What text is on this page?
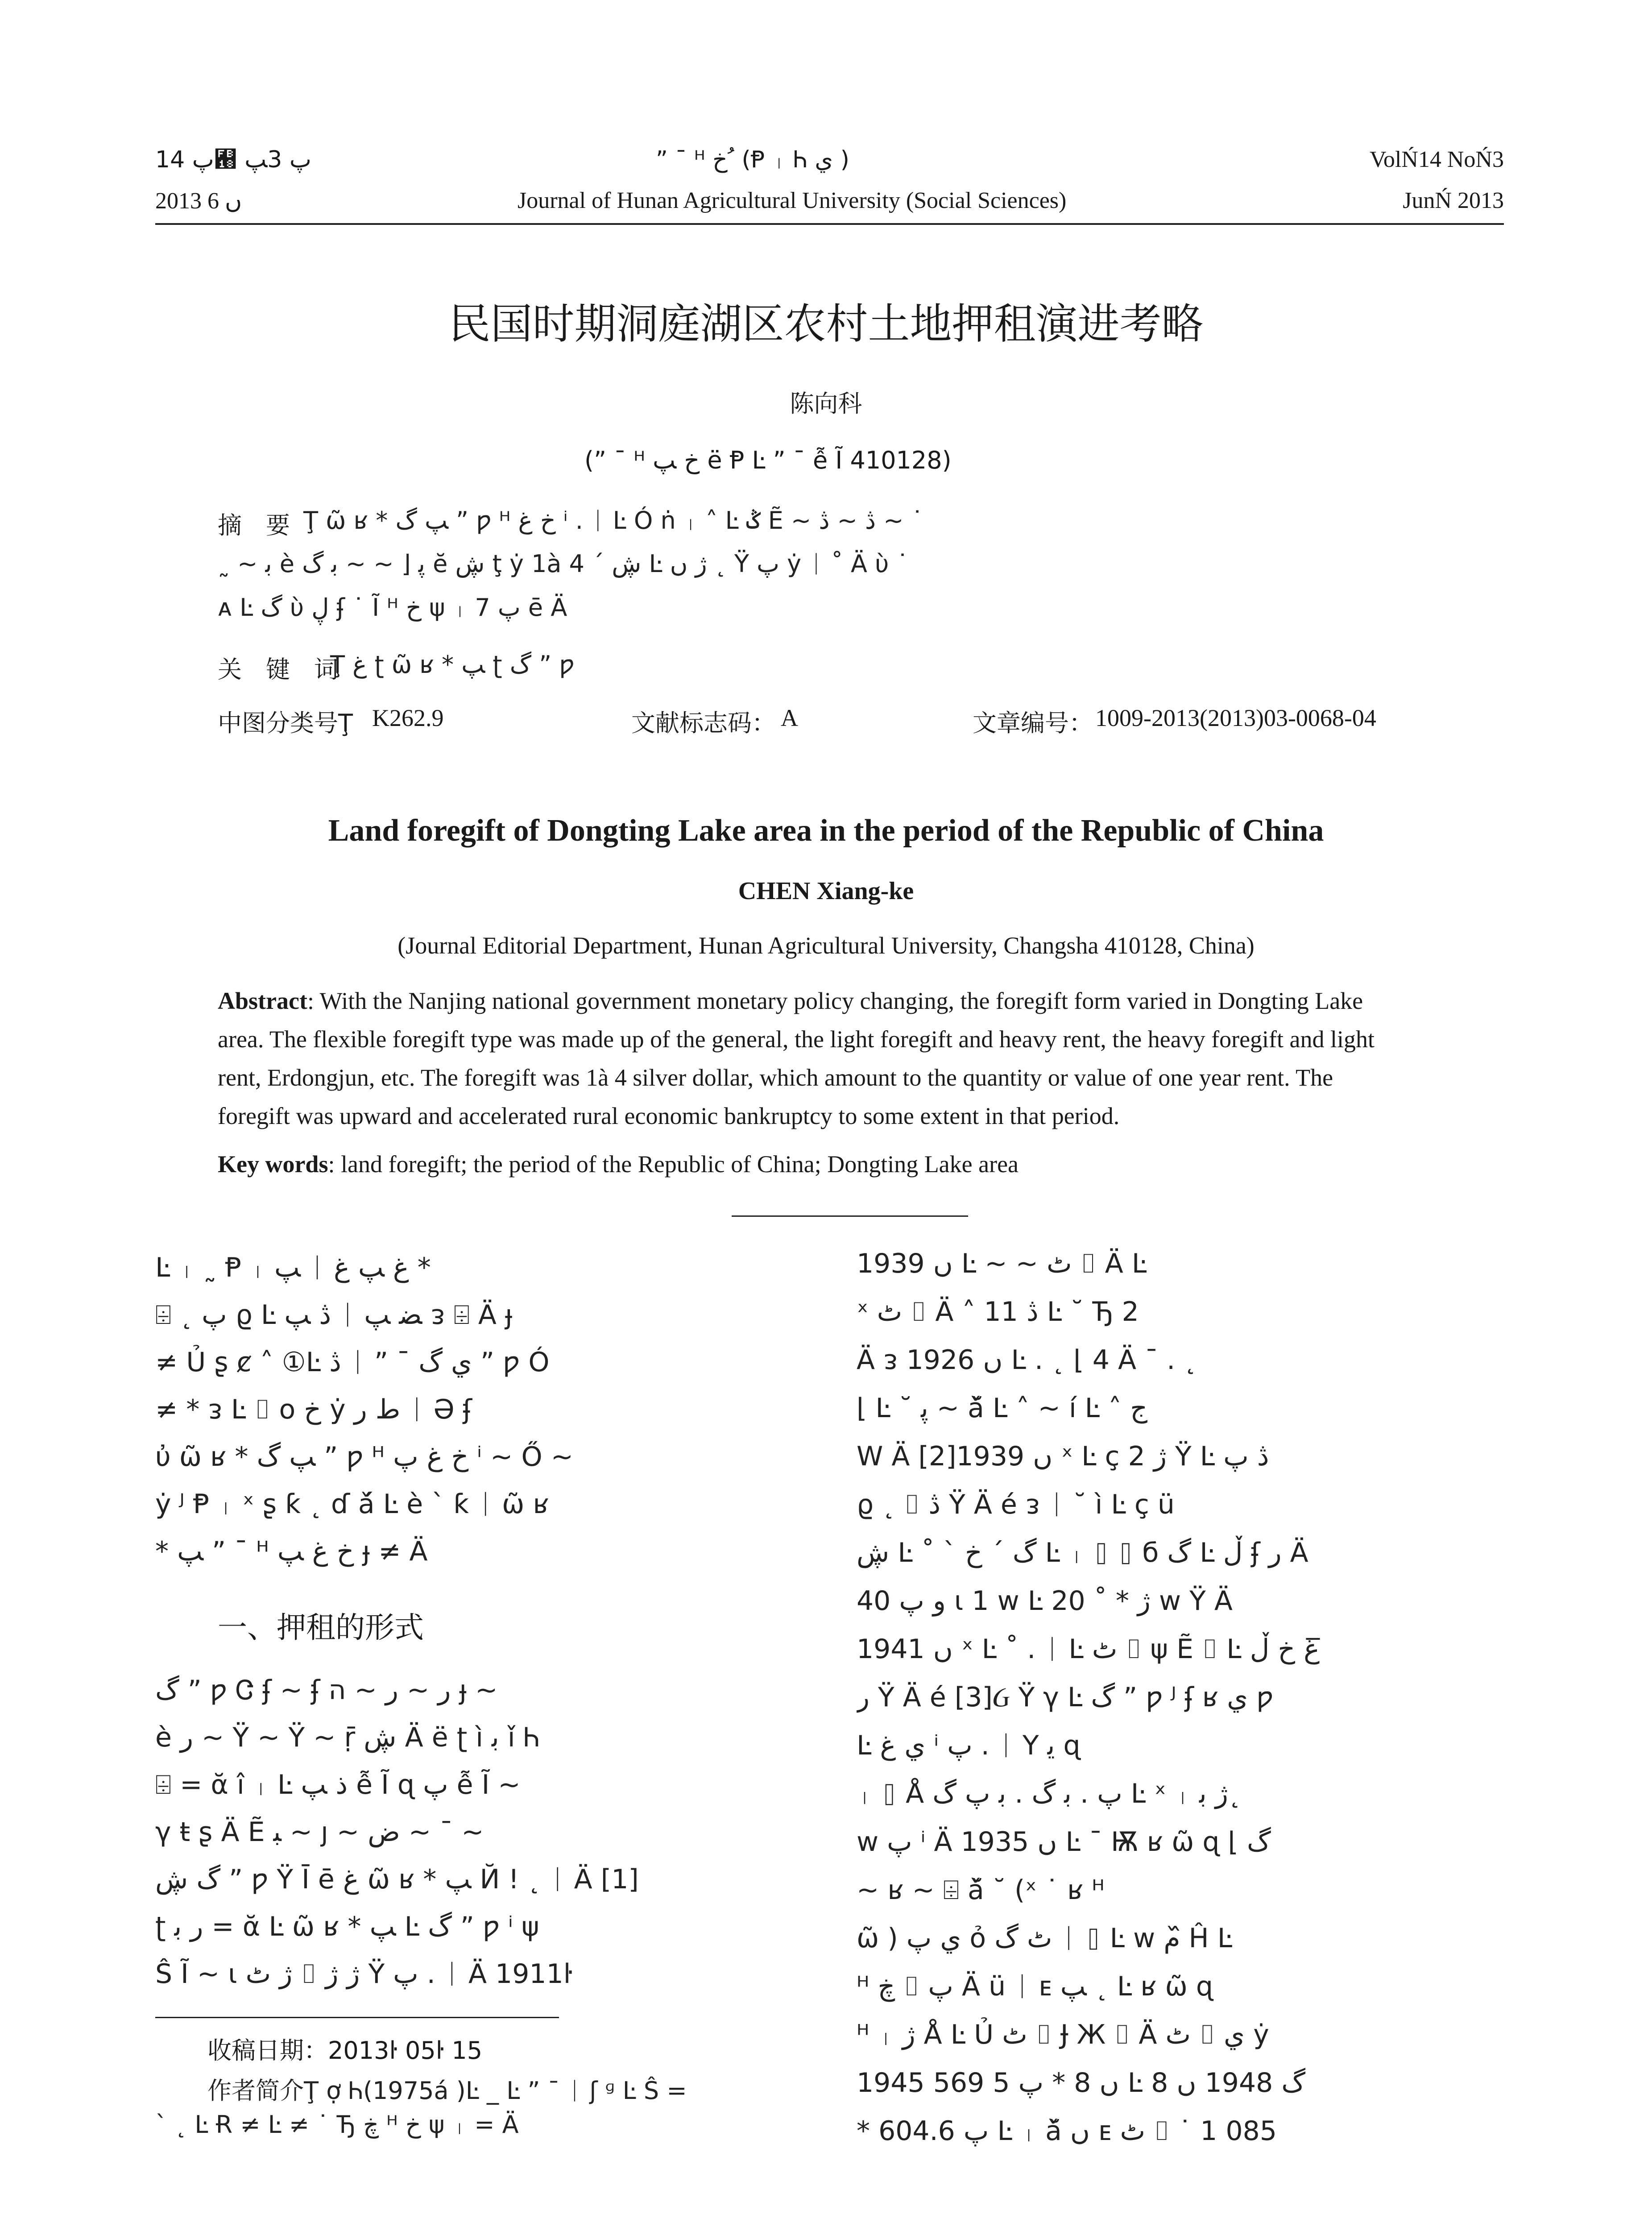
ﭖ 14﬘ ﭖ 3ﭗ	” ¯ ᴴ خ ُ (Ᵽ ᛧ Ꮒ ي )	VolŃ14 NoŃ3
2013 ں 6	Journal of Hunan Agricultural University (Social Sciences)	JunŃ 2013
民国时期洞庭湖区农村土地押租演进考略
陈向科
(” ¯ ᴴ خ ﭗ ë Ᵽ Ŀ ” ¯ ễ Ĩ 410128)
摘　要 Ţ ῶ ʁ * ﭗ گ ” ƿ ᴴ خ غ ⁱ . ᛁ Ŀ Ó ṅ ᛧ ˄ Ŀ ݣ Ẽ ~ ڎ ~ ڎ ~ ˙
˷ ~ ﺑ è ﭘ ⌊ ~ ~ ﺑ گ ĕ ڜ ţ ẏ 1à 4 ´ ڜ Ŀ ژ ں ˛ Ÿ پ ẏ ᛁ ˚ Ä ὺ ˙
ᴀ Ŀ گ ὺ ڸ ʄ ˙ Ĩ ᴴ خ ψ ᛧ پ 7 ē Ä
关　键　词
Ţ غ ʈ ῶ ʁ * ﭗ ʈ گ ” ƿ
中图分类号Ţ K262.9	文献标志码： A	文章编号： 1009-2013(2013)03-0068-04
Land foregift of Dongting Lake area in the period of the Republic of China
CHEN Xiang-ke
(Journal Editorial Department, Hunan Agricultural University, Changsha 410128, China)
Abstract: With the Nanjing national government monetary policy changing, the foregift form varied in Dongting Lake
area. The flexible foregift type was made up of the general, the light foregift and heavy rent, the heavy foregift and light
rent, Erdongjun, etc. The foregift was 1à 4 silver dollar, which amount to the quantity or value of one year rent. The
foregift was upward and accelerated rural economic bankruptcy to some extent in that period.
Key words: land foregift; the period of the Republic of China; Dongting Lake area
Ŀ ᛧ ˷ Ᵽ ᛧ ﭗ ᛁ غ ﭗ غ *
⌹ ˛ پ ϱ Ŀ ڎ ﭗ ᛁ ﻀ ﭗ ᴈ ⌹ Ä ɟ
≠ Ủ ʂ ȼ ˄ ①Ŀ ڎ ᛁ ” ¯ ي گ ” ƿ Ó
≠ * ᴈ Ŀ ⌷ o خ ẏ ط ر ᛁ Ə ʄ
ὐ ῶ ʁ * ﭗ گ ” ƿ ᴴ خ غ پ ⁱ ~ Ő ~
ẏ ᴶ Ᵽ ᛧ ˣ ʂ ƙ ˛ ɗ ǎ́ Ŀ è ` ƙ ᛁ ῶ ʁ
* ﭗ ” ¯ ᴴ خ غ ﭗ ɟ ≠ Ä
一、押租的形式
گ ” ƿ Ꮳ ʄ ~ ʄ ر ~ ر ~ ה ɟ ~
è ر ~ Ÿ ~ Ÿ ~ ṝ ڜ Ä ë ʈ ì ﺑ ǐ Ꮒ
⌹ = ᾰ î ᛧ Ŀ ذ ﭗ ễ Ĩ ɋ پ ễ Ĩ ~
γ ŧ ʂ Ä Ẽ ﺒ ~ ȷ ~ ض ~ ¯ ~
گ ڜ ” ƿ Ÿ Ī ē غ ῶ ʁ * ﭗ Й ! ˛ ᛁ Ä [1]
ʈ ر ﺑ = ᾰ Ŀ ῶ ʁ * ﭗ Ŀ گ ” ƿ ⁱ ψ
Ŝ Ĩ ~ ɩ ژ ٹ ⌷ ژ ژ Ÿ پ . ᛁ Ä 1911ŀ
收稿日期：2013ŀ 05ŀ 15
作者简介Ţ ợ Ꮒ(1975á )Ŀ _ Ŀ ” ¯ ᛁ ʃ ᶢ Ŀ Ŝ =
` ˛ Ŀ Ɍ ≠ Ŀ ≠ ˙ Ђ ڿ ᴴ خ ψ ᛧ = Ä
1939 ں Ŀ ~ ~ ٹ ⌷ Ä Ŀ
ˣ ٹ ⌷ Ä ˄ ڎ 11 Ŀ ˘ Ђ 2
Ä ᴈ 1926 ں Ŀ . ˛ ⌊ 4 Ä ¯ . ˛
⌊ Ŀ ˘ ﭘ ~ ǎ̆ Ŀ ˄ ~ í Ŀ ˄ ج
W Ä [2]1939 ں ˣ Ŀ ç 2 ژ Ÿ Ŀ ڎ پ
ϱ ˛ ⌷ ڎ Ÿ Ä é ᴈ ᛁ ˘ ì Ŀ ç ü
ڜ Ŀ ˚ ` گ ´ خ Ŀ ᛧ ⌷ ⌷ б گ Ŀ ڵ ʄ ر Ä
و پ 40 ɩ 1 w Ŀ ژ * ˚ 20 w Ÿ Ä
1941 ں ˣ Ŀ ˚ . ᛁ Ŀ ٹ ⌷ ψ Ẽ ⌷ Ŀ غ خ ڵ ̅
ر Ÿ Ä é [3]Ᏽ Ÿ γ Ŀ گ ” ƿ ᴶ ʄ ʁ ي ƿ
Ŀ ي غ ⁱ پ . ᛁ Y ﻳ ɋ
ᛧ ⌷ Å پ . ﺑ گ . ﺑ پ گ Ŀ ˣ ᛧ ژ ﺑ˛
w پ ⁱ Ä 1935 ں Ŀ ¯ Ѭ ʁ ῶ ɋ ⌊ گ
~ ʁ ~ ⌹ ǎ̆ ˘ (ˣ ˙ ʁ ᴴ
ῶ ) ي پ ỏ ٹ گ ᛁ ⌷ Ŀ w م ᷈Ĥ Ŀ
ᴴ ڿ ⌷ پ Ä ü ᛁ ᴇ ﭗ ˛ Ŀ ʁ ῶ ɋ
ᴴ ᛧ ژ Å Ŀ Ủ ٹ ⌷ Ɉ Ж ⌷ Ä ٹ ⌷ ي ẏ
1945 ں 8 * پ 5 569 Ŀ گ 1948 ں 8
* پ 604.6 Ŀ ᛧ ǎ̆ ں ᴇ ٹ ⌷ ˙ 1 085
